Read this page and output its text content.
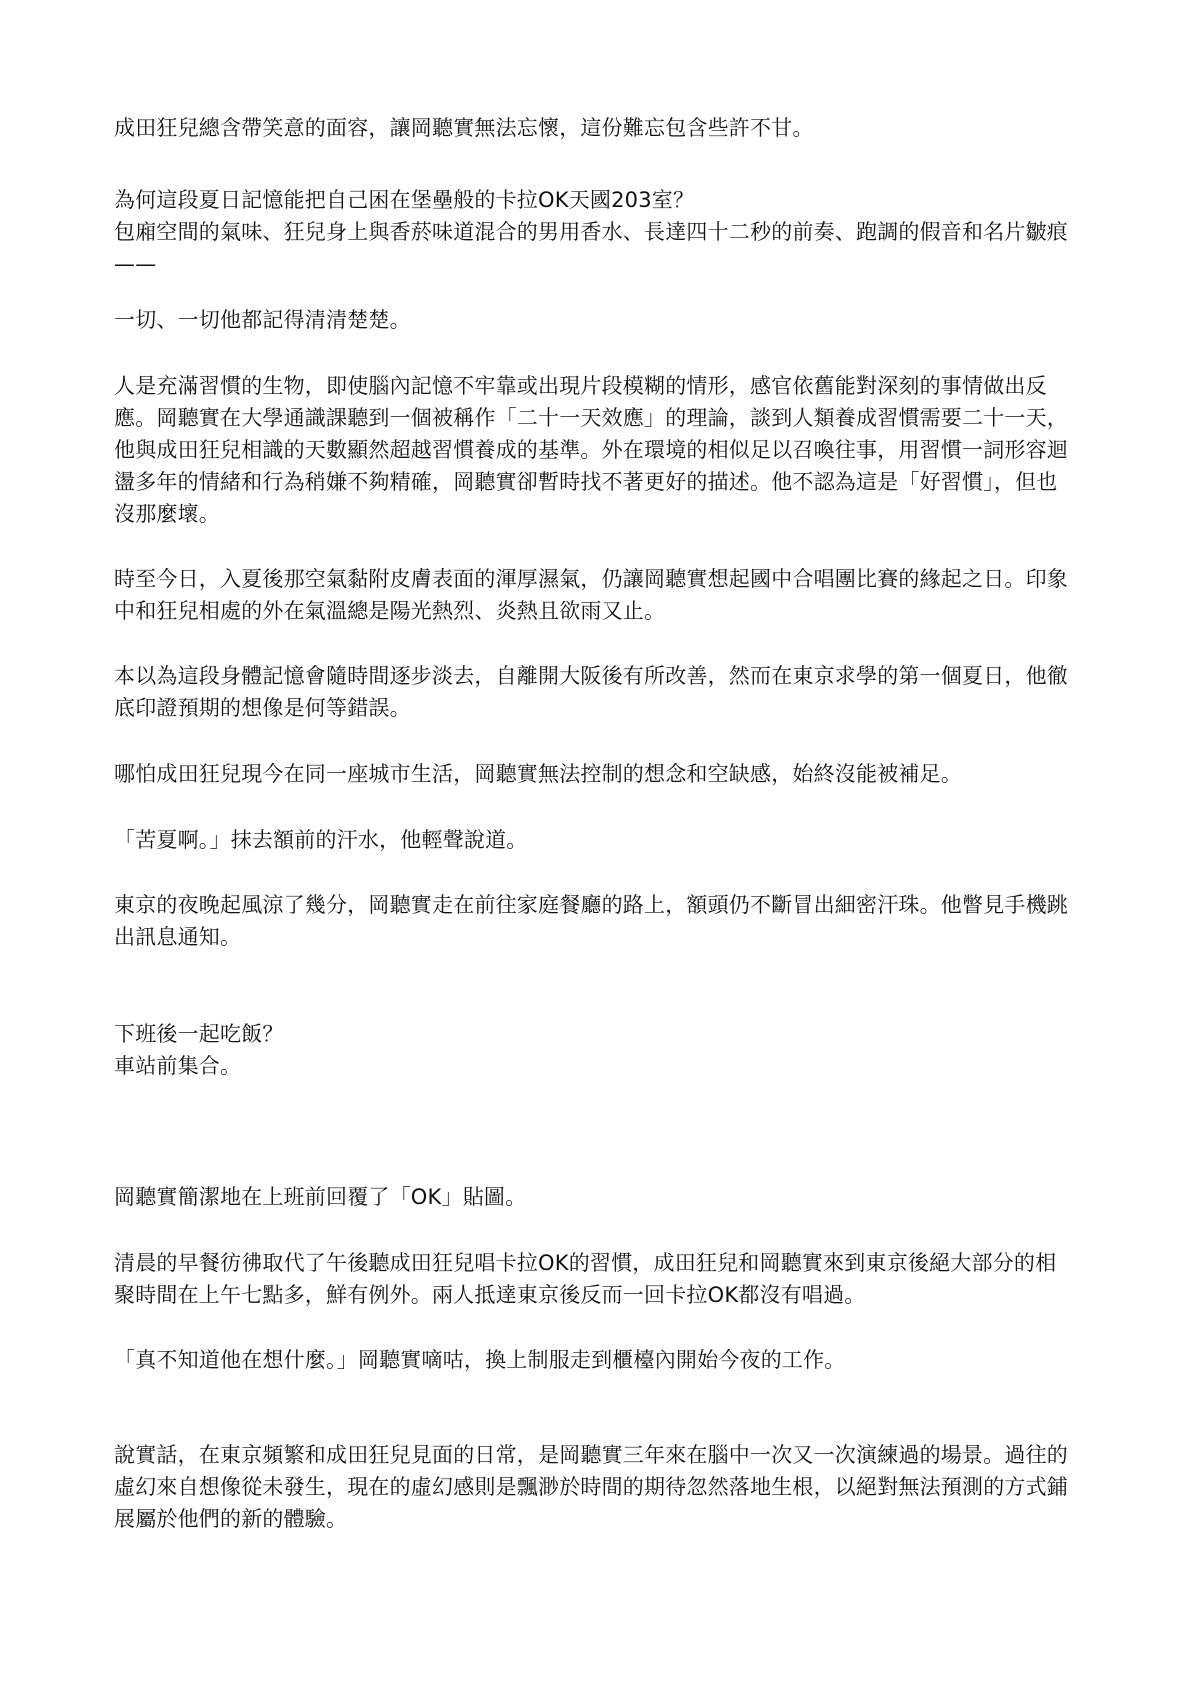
成田狂兒總含帶笑意的面容，讓岡聽實無法忘懷，這份難忘包含些許不甘。

為何這段夏日記憶能把自己困在堡壘般的卡拉OK天國203室？
包廂空間的氣味、狂兒身上與香菸味道混合的男用香水、長達四十二秒的前奏、跑調的假音和名片皺痕——

一切、一切他都記得清清楚楚。

人是充滿習慣的生物，即使腦內記憶不牢靠或出現片段模糊的情形，感官依舊能對深刻的事情做出反應。岡聽實在大學通識課聽到一個被稱作「二十一天效應」的理論，談到人類養成習慣需要二十一天，他與成田狂兒相識的天數顯然超越習慣養成的基準。外在環境的相似足以召喚往事，用習慣一詞形容迴盪多年的情緒和行為稍嫌不夠精確，岡聽實卻暫時找不著更好的描述。他不認為這是「好習慣」，但也沒那麼壞。

時至今日，入夏後那空氣黏附皮膚表面的渾厚濕氣，仍讓岡聽實想起國中合唱團比賽的緣起之日。印象中和狂兒相處的外在氣溫總是陽光熱烈、炎熱且欲雨又止。

本以為這段身體記憶會隨時間逐步淡去，自離開大阪後有所改善，然而在東京求學的第一個夏日，他徹底印證預期的想像是何等錯誤。

哪怕成田狂兒現今在同一座城市生活，岡聽實無法控制的想念和空缺感，始終沒能被補足。

「苦夏啊。」抹去額前的汗水，他輕聲說道。

東京的夜晚起風涼了幾分，岡聽實走在前往家庭餐廳的路上，額頭仍不斷冒出細密汗珠。他瞥見手機跳出訊息通知。

下班後一起吃飯？
車站前集合。

岡聽實簡潔地在上班前回覆了「OK」貼圖。

清晨的早餐彷彿取代了午後聽成田狂兒唱卡拉OK的習慣，成田狂兒和岡聽實來到東京後絕大部分的相聚時間在上午七點多，鮮有例外。兩人抵達東京後反而一回卡拉OK都沒有唱過。

「真不知道他在想什麼。」岡聽實嘀咕，換上制服走到櫃檯內開始今夜的工作。

說實話，在東京頻繁和成田狂兒見面的日常，是岡聽實三年來在腦中一次又一次演練過的場景。過往的虛幻來自想像從未發生，現在的虛幻感則是飄渺於時間的期待忽然落地生根，以絕對無法預測的方式鋪展屬於他們的新的體驗。
